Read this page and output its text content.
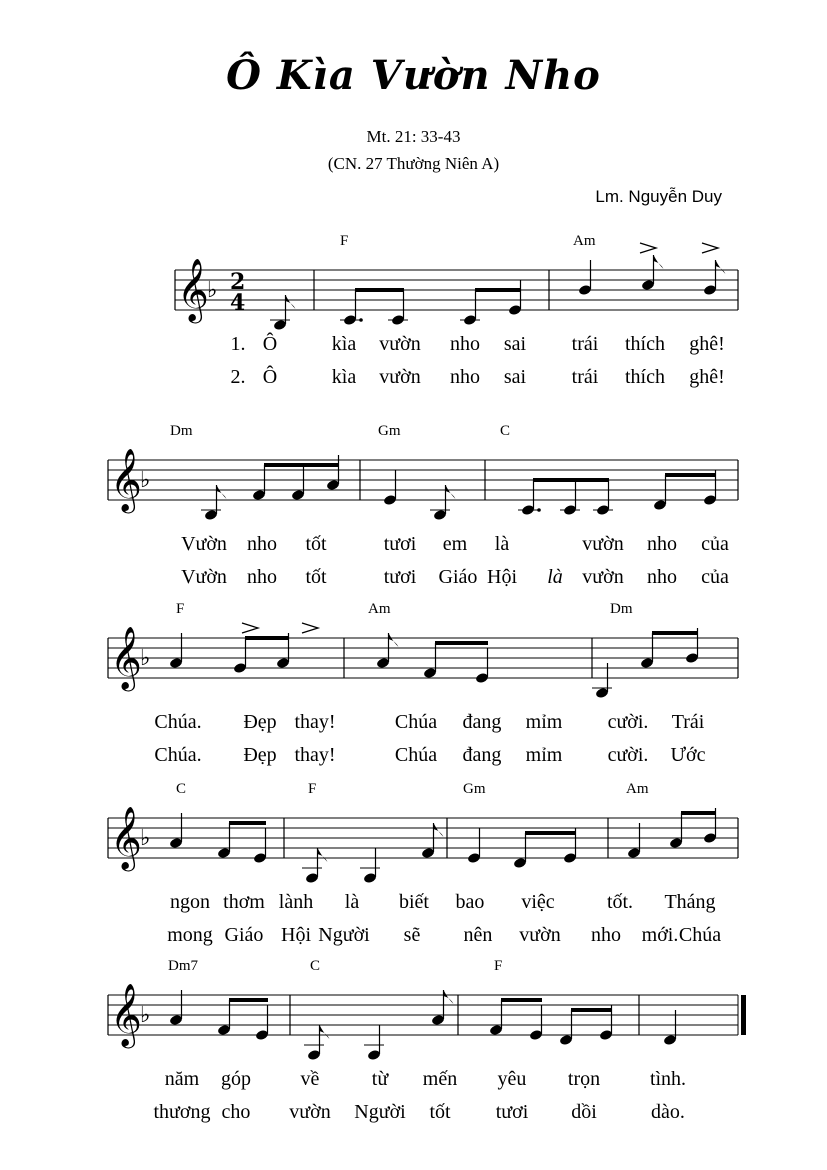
Ô Kìa Vườn Nho
Mt. 21: 33-43
(CN. 27 Thường Niên A)
Lm. Nguyễn Duy
𝄞
♭ 2
4
F	Am
1. Ô	kìa vườn nho sai trái thích ghê!
2. Ô	kìa vườn nho sai trái thích ghê!
𝄞
♭
Dm	Gm	C
Vườn nho tốt	tươi em là	vườn nho của
Vườn nho tốt	tươi Giáo Hội là vườn nho của
𝄞
♭
F	Am	Dm
Chúa. Đẹp thay!	Chúa đang mỉm cười. Trái
Chúa. Đẹp thay!	Chúa đang mỉm cười. Ước
𝄞
♭
C	F	Gm	Am
ngon thơm lành là biết bao việc	tốt. Tháng
mong Giáo Hội Người sẽ nên vườn nho mới. Chúa
𝄞
♭
Dm7	C	F
năm góp về	từ mến yêu trọn tình.
thương cho vườn Người tốt tươi dồi	dào.
